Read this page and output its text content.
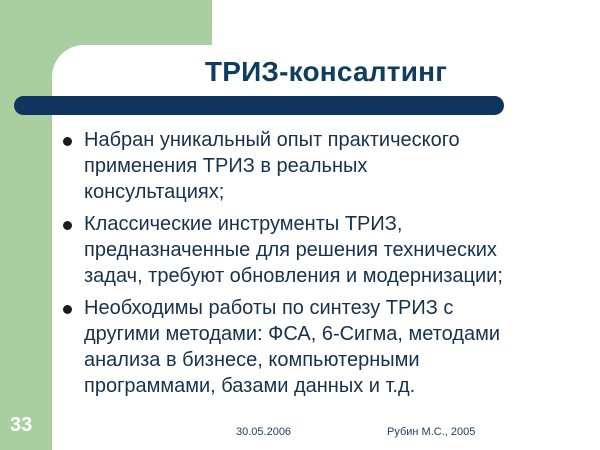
ТРИЗ-консалтинг
Набран уникальный опыт практического
применения ТРИЗ в реальных
консультациях;
Классические инструменты ТРИЗ,
предназначенные для решения технических
задач, требуют обновления и модернизации;
Необходимы работы по синтезу ТРИЗ с
другими методами: ФСА, 6-Сигма, методами
анализа в бизнесе, компьютерными
программами, базами данных и т.д.
33	30.05.2006	Рубин М.С., 2005
